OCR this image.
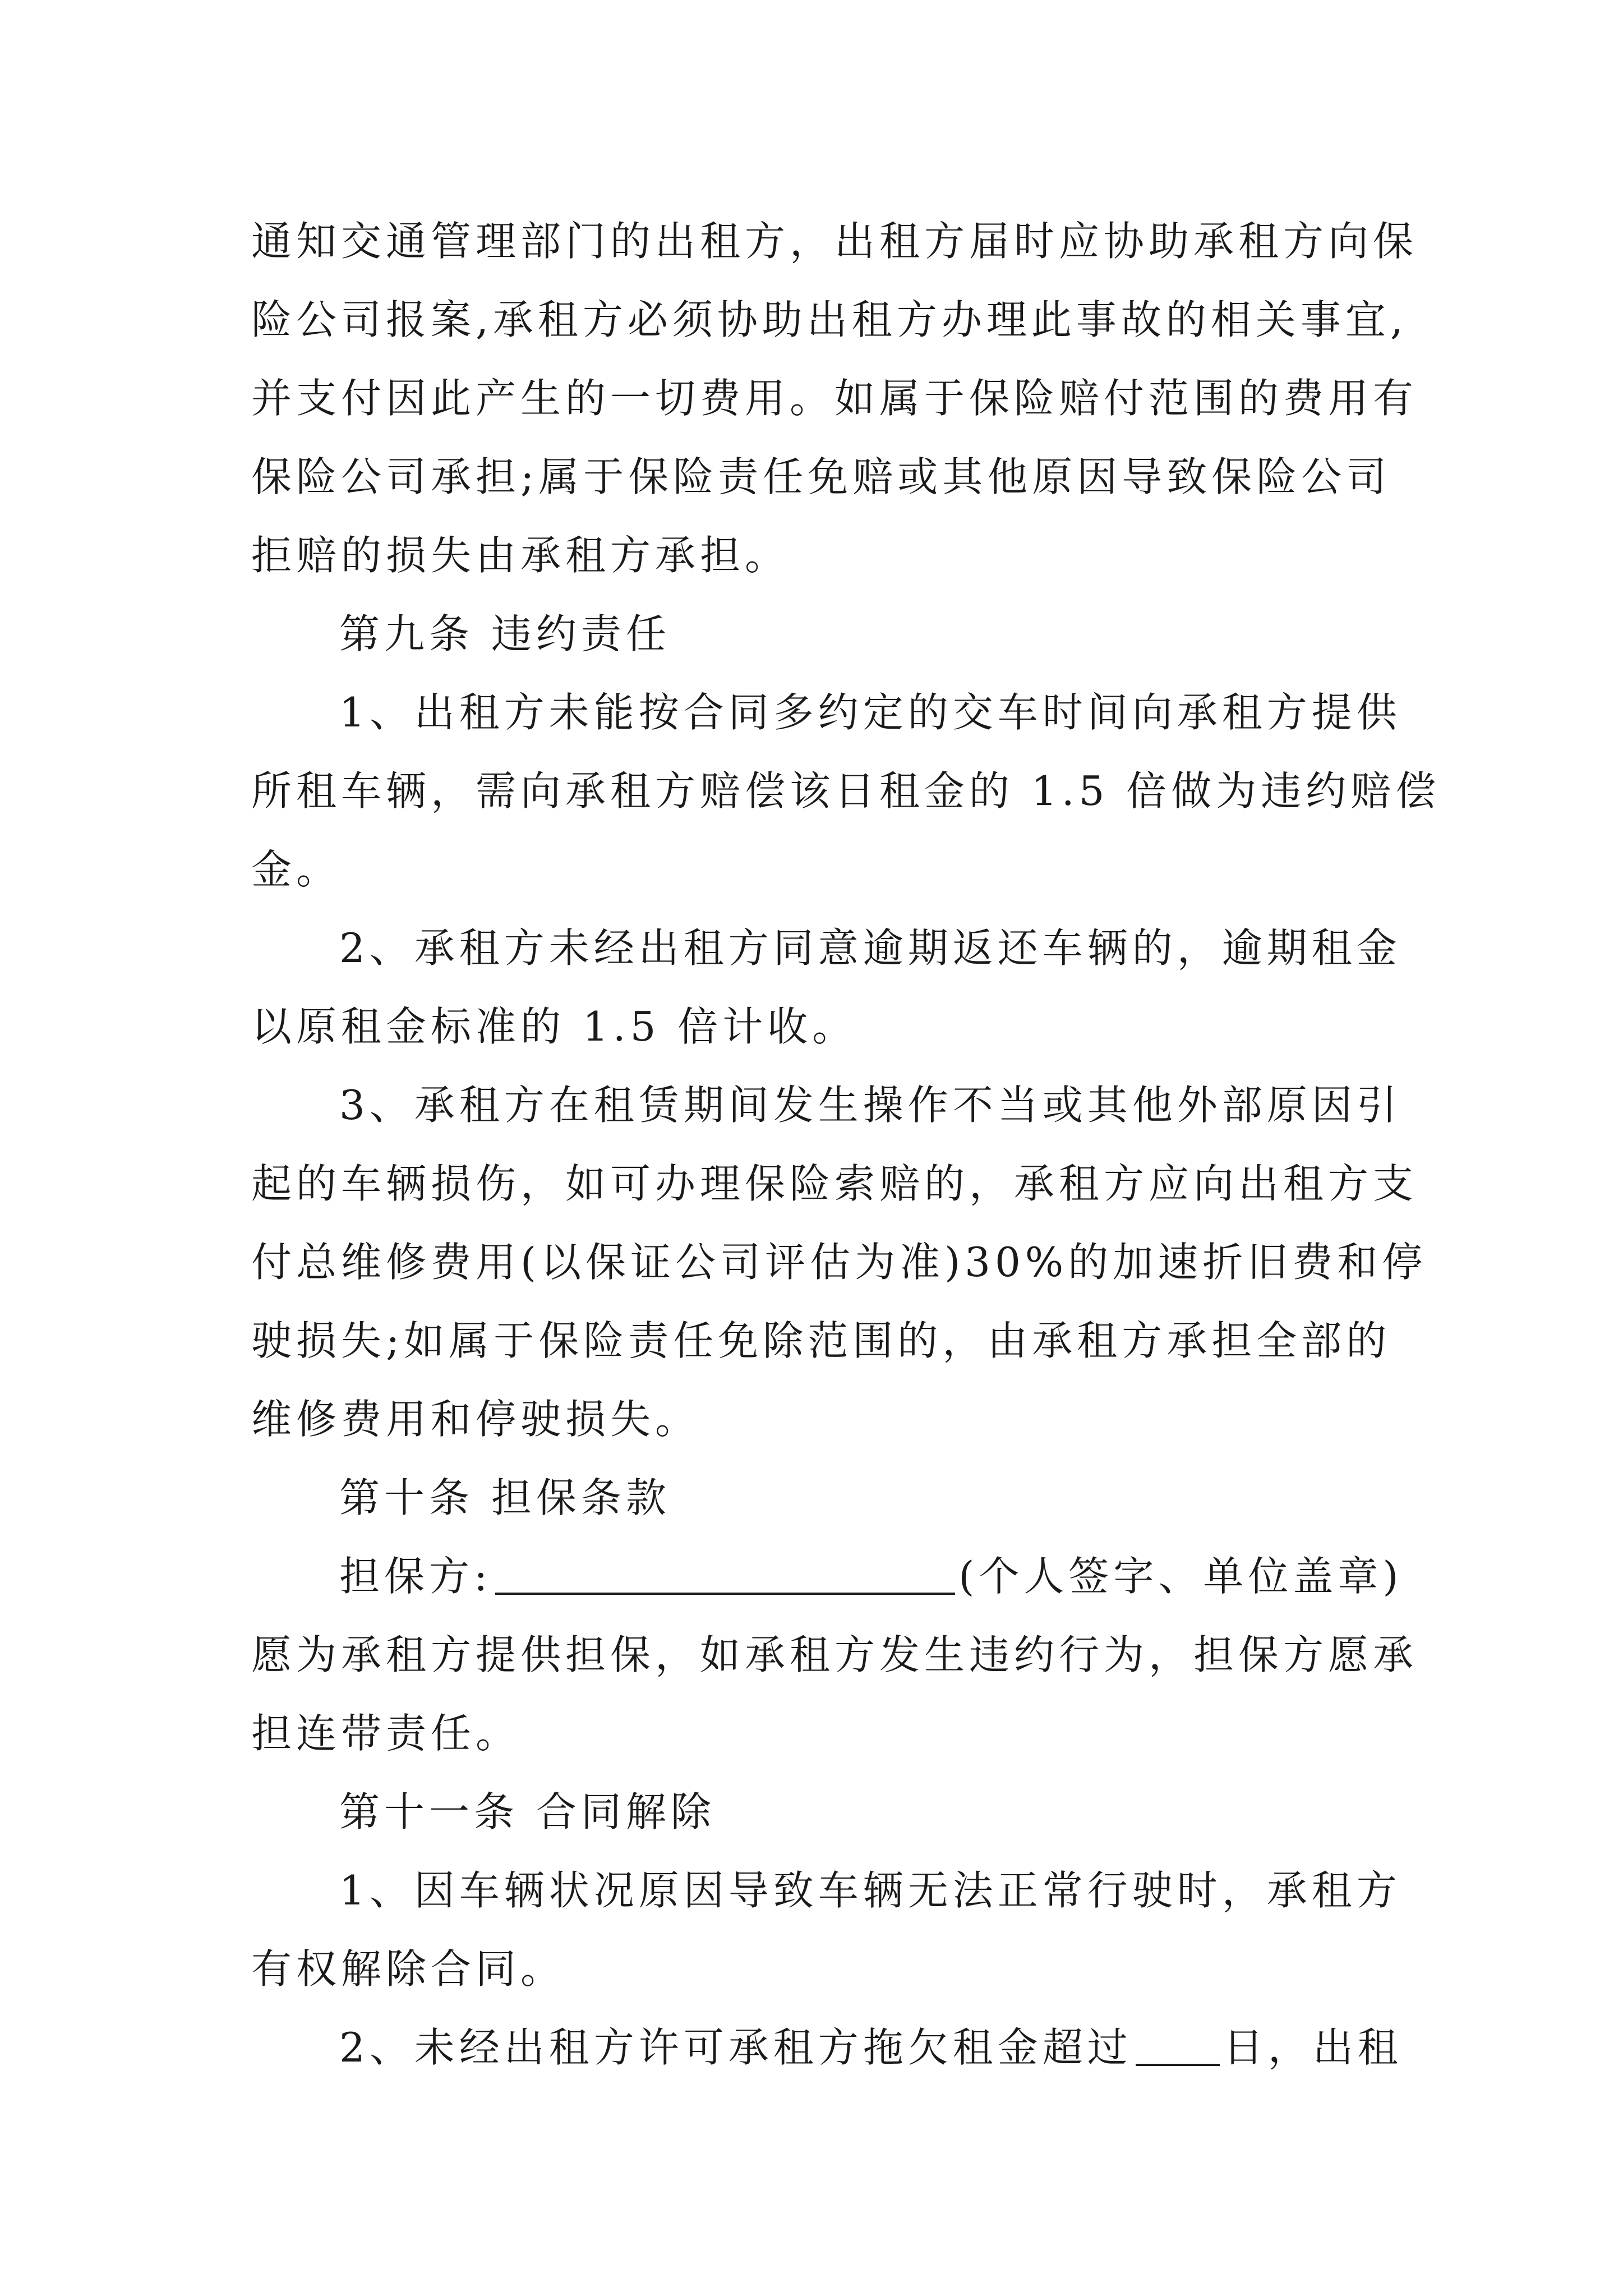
通知交通管理部门的出租方，出租方届时应协助承租方向保
险公司报案,承租方必须协助出租方办理此事故的相关事宜,
并支付因此产生的一切费用。如属于保险赔付范围的费用有
保险公司承担;属于保险责任免赔或其他原因导致保险公司
拒赔的损失由承租方承担。
第九条 违约责任
1、出租方未能按合同多约定的交车时间向承租方提供
所租车辆，需向承租方赔偿该日租金的 1.5 倍做为违约赔偿
金。
2、承租方未经出租方同意逾期返还车辆的，逾期租金
以原租金标准的 1.5 倍计收。
3、承租方在租赁期间发生操作不当或其他外部原因引
起的车辆损伤，如可办理保险索赔的，承租方应向出租方支
付总维修费用(以保证公司评估为准)30%的加速折旧费和停
驶损失;如属于保险责任免除范围的，由承租方承担全部的
维修费用和停驶损失。
第十条 担保条款
担保方:	(个人签字、单位盖章)
愿为承租方提供担保，如承租方发生违约行为，担保方愿承
担连带责任。
第十一条 合同解除
1、因车辆状况原因导致车辆无法正常行驶时，承租方
有权解除合同。
2、未经出租方许可承租方拖欠租金超过 日，出租
